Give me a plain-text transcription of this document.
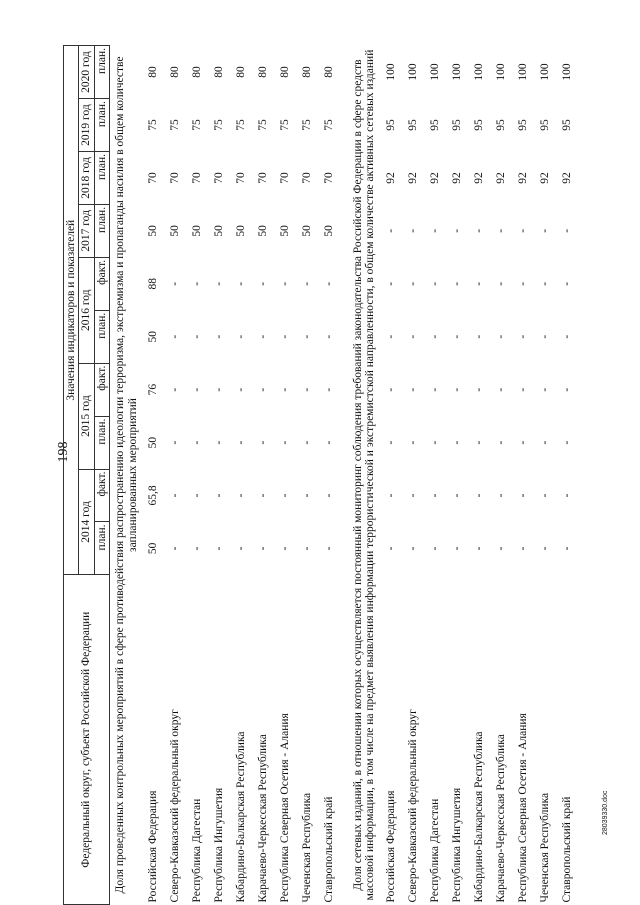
198
Федеральный округ, субъект Российской Федерации	Значения индикаторов и показателей									
	2014 год		2015 год		2016 год		2017 год	2018 год	2019 год	2020 год
	план.	факт.	план.	факт.	план.	факт.	план.	план.	план.	план.
Доля проведенных контрольных мероприятий в сфере противодействия распространению идеологии терроризма, экстремизма и пропаганды насилия в общем количестве запланированных мероприятий										
Российская Федерация	50	65,8	50	76	50	88	50	70	75	80
Северо-Кавказский федеральный округ	-	-	-	-	-	-	50	70	75	80
Республика Дагестан	-	-	-	-	-	-	50	70	75	80
Республика Ингушетия	-	-	-	-	-	-	50	70	75	80
Кабардино-Балкарская Республика	-	-	-	-	-	-	50	70	75	80
Карачаево-Черкесская Республика	-	-	-	-	-	-	50	70	75	80
Республика Северная Осетия - Алания	-	-	-	-	-	-	50	70	75	80
Чеченская Республика	-	-	-	-	-	-	50	70	75	80
Ставропольский край	-	-	-	-	-	-	50	70	75	80

Доля сетевых изданий, в отношении которых осуществляется постоянный мониторинг соблюдения требований законодательства Российской Федерации в сфере средств массовой информации, в том числе на предмет выявления информации террористической и экстремистской направленности, в общем количестве активных сетевых изданий										
Российская Федерация	-	-	-	-	-	-	-	92	95	100
Северо-Кавказский федеральный округ	-	-	-	-	-	-	-	92	95	100
Республика Дагестан	-	-	-	-	-	-	-	92	95	100
Республика Ингушетия	-	-	-	-	-	-	-	92	95	100
Кабардино-Балкарская Республика	-	-	-	-	-	-	-	92	95	100
Карачаево-Черкесская Республика	-	-	-	-	-	-	-	92	95	100
Республика Северная Осетия - Алания	-	-	-	-	-	-	-	92	95	100
Чеченская Республика	-	-	-	-	-	-	-	92	95	100
Ставропольский край	-	-	-	-	-	-	-	92	95	100
28039330.doc
